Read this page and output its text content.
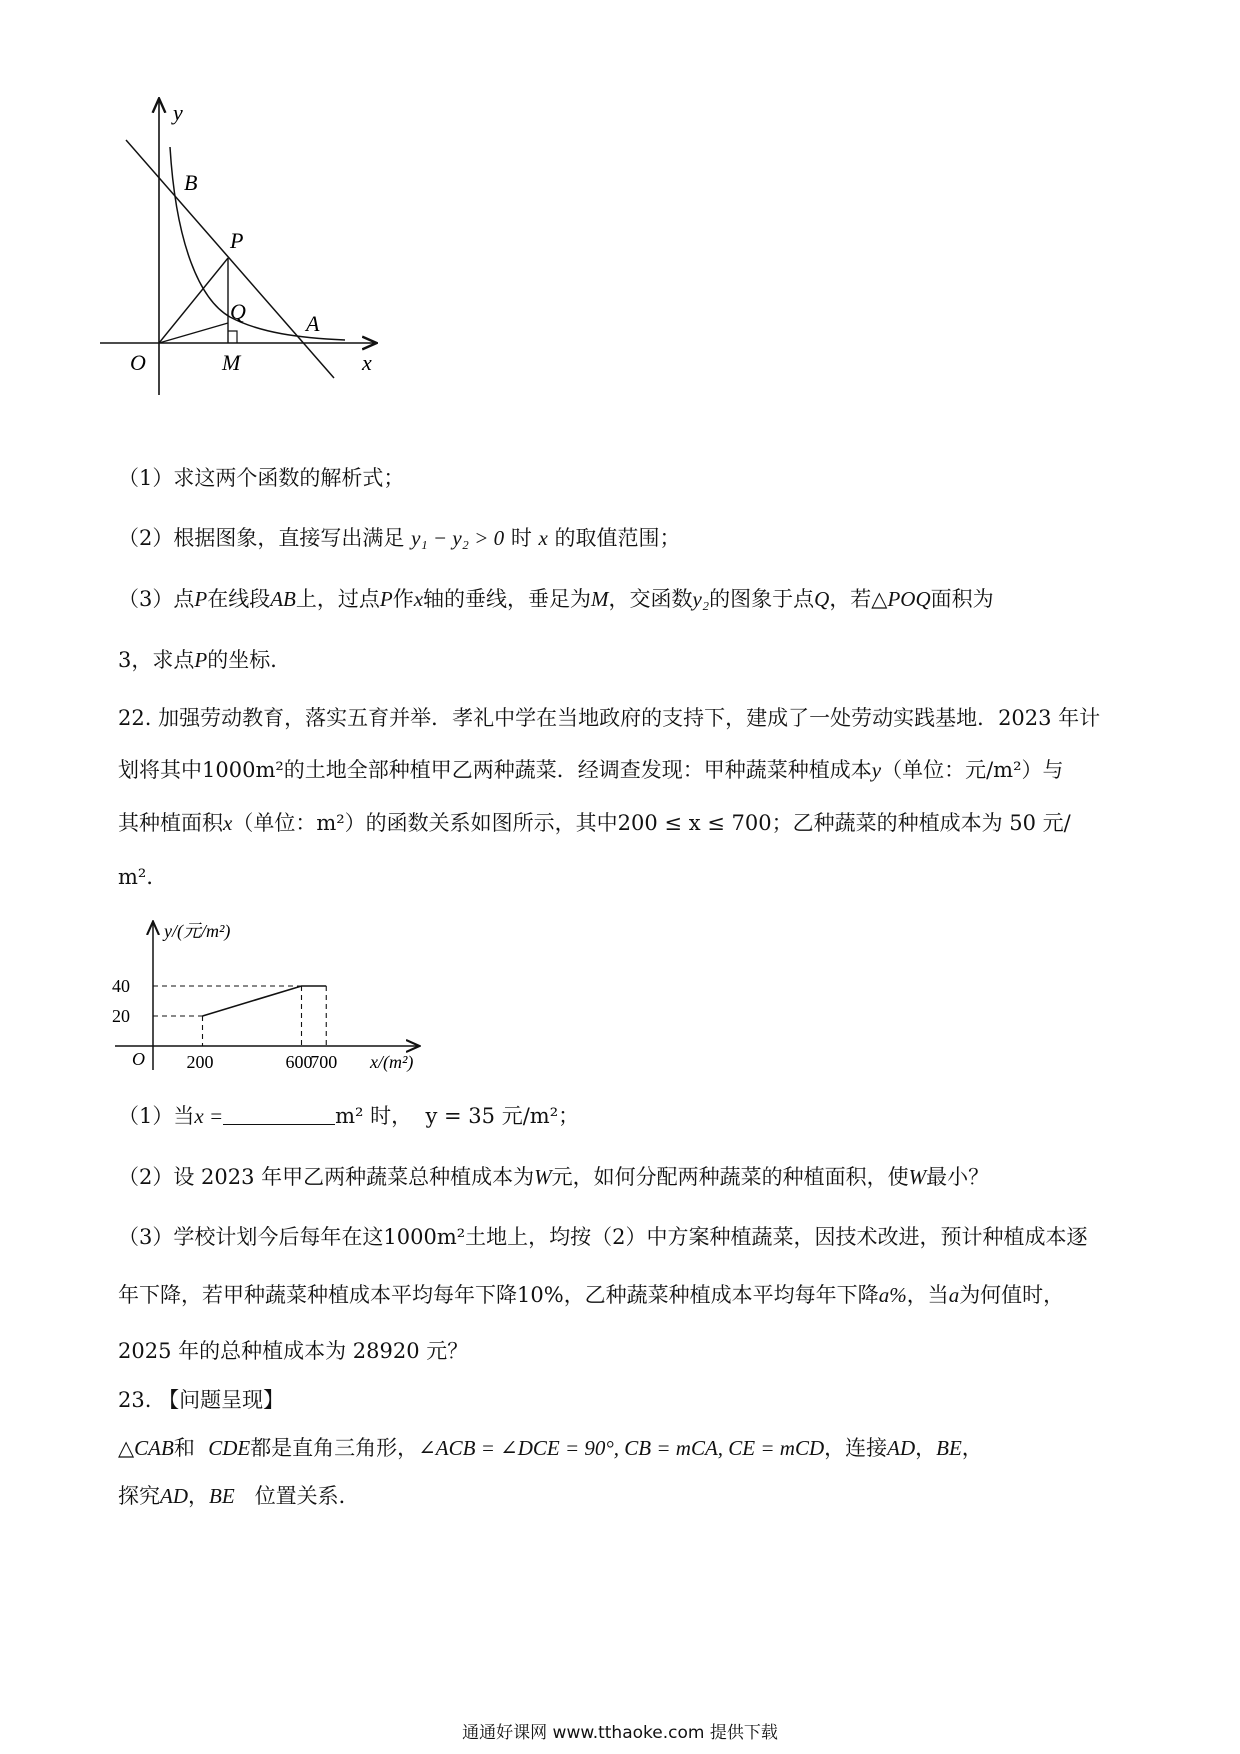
y
B
P
Q	A
O	M	x
（1）求这两个函数的解析式；
（2）根据图象，直接写出满足 y₁ − y₂ > 0 时 x 的取值范围；
（3）点P在线段AB上，过点P作x轴的垂线，垂足为M，交函数y₂的图象于点Q，若△POQ面积为
3，求点P的坐标．
22. 加强劳动教育，落实五育并举．孝礼中学在当地政府的支持下，建成了一处劳动实践基地．2023 年计
划将其中1000m²的土地全部种植甲乙两种蔬菜．经调查发现：甲种蔬菜种植成本y（单位：元/m²）与
其种植面积x（单位：m²）的函数关系如图所示，其中200 ≤ x ≤ 700；乙种蔬菜的种植成本为 50 元/
m²．
40
20
200	600
700
y/(元/m²)
x/(m²)
O
（1）当x =	m² 时， y = 35 元/m²；
（2）设 2023 年甲乙两种蔬菜总种植成本为W元，如何分配两种蔬菜的种植面积，使W最小？
（3）学校计划今后每年在这1000m²土地上，均按（2）中方案种植蔬菜，因技术改进，预计种植成本逐
年下降，若甲种蔬菜种植成本平均每年下降10%，乙种蔬菜种植成本平均每年下降a%，当a为何值时，
2025 年的总种植成本为 28920 元？
23. 【问题呈现】
△CAB和 CDE都是直角三角形，∠ACB = ∠DCE = 90°, CB = mCA, CE = mCD，连接AD，BE，
探究AD，BE 位置关系．
通通好课网 www.tthaoke.com 提供下载
